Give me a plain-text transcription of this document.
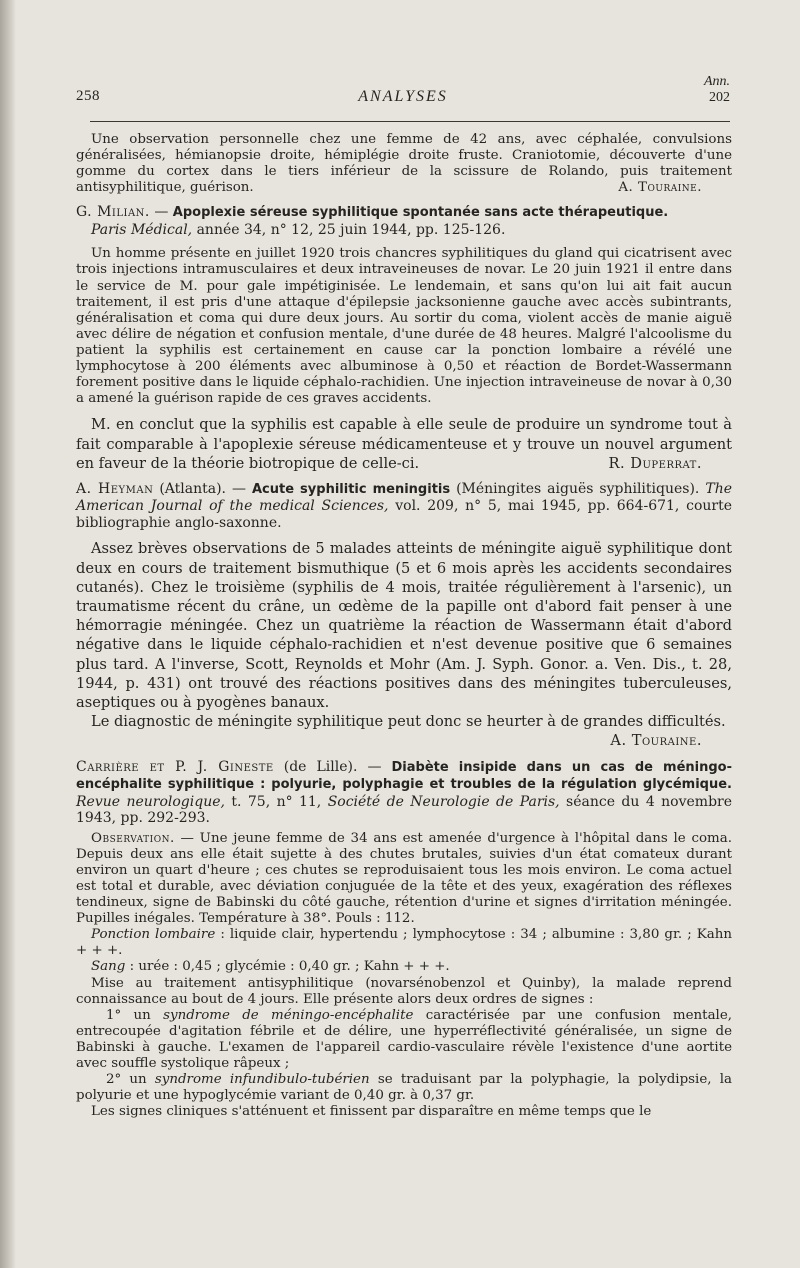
258	ANALYSES
Ann.
202

Une observation personnelle chez une femme de 42 ans, avec céphalée, convulsions généralisées, hémianopsie droite, hémiplégie droite fruste. Craniotomie, découverte d'une gomme du cortex dans le tiers inférieur de la scissure de Rolando, puis traitement antisyphilitique, guérison.	A. Touraine.

G. Milian. — Apoplexie séreuse syphilitique spontanée sans acte thérapeutique.
Paris Médical, année 34, n° 12, 25 juin 1944, pp. 125-126.

Un homme présente en juillet 1920 trois chancres syphilitiques du gland qui cicatrisent avec trois injections intramusculaires et deux intraveineuses de novar. Le 20 juin 1921 il entre dans le service de M. pour gale impétiginisée. Le lendemain, et sans qu'on lui ait fait aucun traitement, il est pris d'une attaque d'épilepsie jacksonienne gauche avec accès subintrants, généralisation et coma qui dure deux jours. Au sortir du coma, violent accès de manie aiguë avec délire de négation et confusion mentale, d'une durée de 48 heures. Malgré l'alcoolisme du patient la syphilis est certainement en cause car la ponction lombaire a révélé une lymphocytose à 200 éléments avec albuminose à 0,50 et réaction de Bordet-Wassermann forement positive dans le liquide céphalo-rachidien. Une injection intraveineuse de novar à 0,30 a amené la guérison rapide de ces graves accidents.

M. en conclut que la syphilis est capable à elle seule de produire un syndrome tout à fait comparable à l'apoplexie séreuse médicamenteuse et y trouve un nouvel argument en faveur de la théorie biotropique de celle-ci.	R. Duperrat.

A. Heyman (Atlanta). — Acute syphilitic meningitis (Méningites aiguës syphilitiques). The American Journal of the medical Sciences, vol. 209, n° 5, mai 1945, pp. 664-671, courte bibliographie anglo-saxonne.

Assez brèves observations de 5 malades atteints de méningite aiguë syphilitique dont deux en cours de traitement bismuthique (5 et 6 mois après les accidents secondaires cutanés). Chez le troisième (syphilis de 4 mois, traitée régulièrement à l'arsenic), un traumatisme récent du crâne, un œdème de la papille ont d'abord fait penser à une hémorragie méningée. Chez un quatrième la réaction de Wassermann était d'abord négative dans le liquide céphalo-rachidien et n'est devenue positive que 6 semaines plus tard. A l'inverse, Scott, Reynolds et Mohr (Am. J. Syph. Gonor. a. Ven. Dis., t. 28, 1944, p. 431) ont trouvé des réactions positives dans des méningites tuberculeuses, aseptiques ou à pyogènes banaux.

Le diagnostic de méningite syphilitique peut donc se heurter à de grandes difficultés.
A. Touraine.

Carrière et P. J. Gineste (de Lille). — Diabète insipide dans un cas de méningo-encéphalite syphilitique : polyurie, polyphagie et troubles de la régulation glycémique. Revue neurologique, t. 75, n° 11, Société de Neurologie de Paris, séance du 4 novembre 1943, pp. 292-293.

Observation. — Une jeune femme de 34 ans est amenée d'urgence à l'hôpital dans le coma. Depuis deux ans elle était sujette à des chutes brutales, suivies d'un état comateux durant environ un quart d'heure ; ces chutes se reproduisaient tous les mois environ. Le coma actuel est total et durable, avec déviation conjuguée de la tête et des yeux, exagération des réflexes tendineux, signe de Babinski du côté gauche, rétention d'urine et signes d'irritation méningée. Pupilles inégales. Température à 38°. Pouls : 112.

Ponction lombaire : liquide clair, hypertendu ; lymphocytose : 34 ; albumine : 3,80 gr. ; Kahn + + +.

Sang : urée : 0,45 ; glycémie : 0,40 gr. ; Kahn + + +.

Mise au traitement antisyphilitique (novarsénobenzol et Quinby), la malade reprend connaissance au bout de 4 jours. Elle présente alors deux ordres de signes :

1° un syndrome de méningo-encéphalite caractérisée par une confusion mentale, entrecoupée d'agitation fébrile et de délire, une hyperréflectivité généralisée, un signe de Babinski à gauche. L'examen de l'appareil cardio-vasculaire révèle l'existence d'une aortite avec souffle systolique râpeux ;

2° un syndrome infundibulo-tubérien se traduisant par la polyphagie, la polydipsie, la polyurie et une hypoglycémie variant de 0,40 gr. à 0,37 gr.

Les signes cliniques s'atténuent et finissent par disparaître en même temps que le
